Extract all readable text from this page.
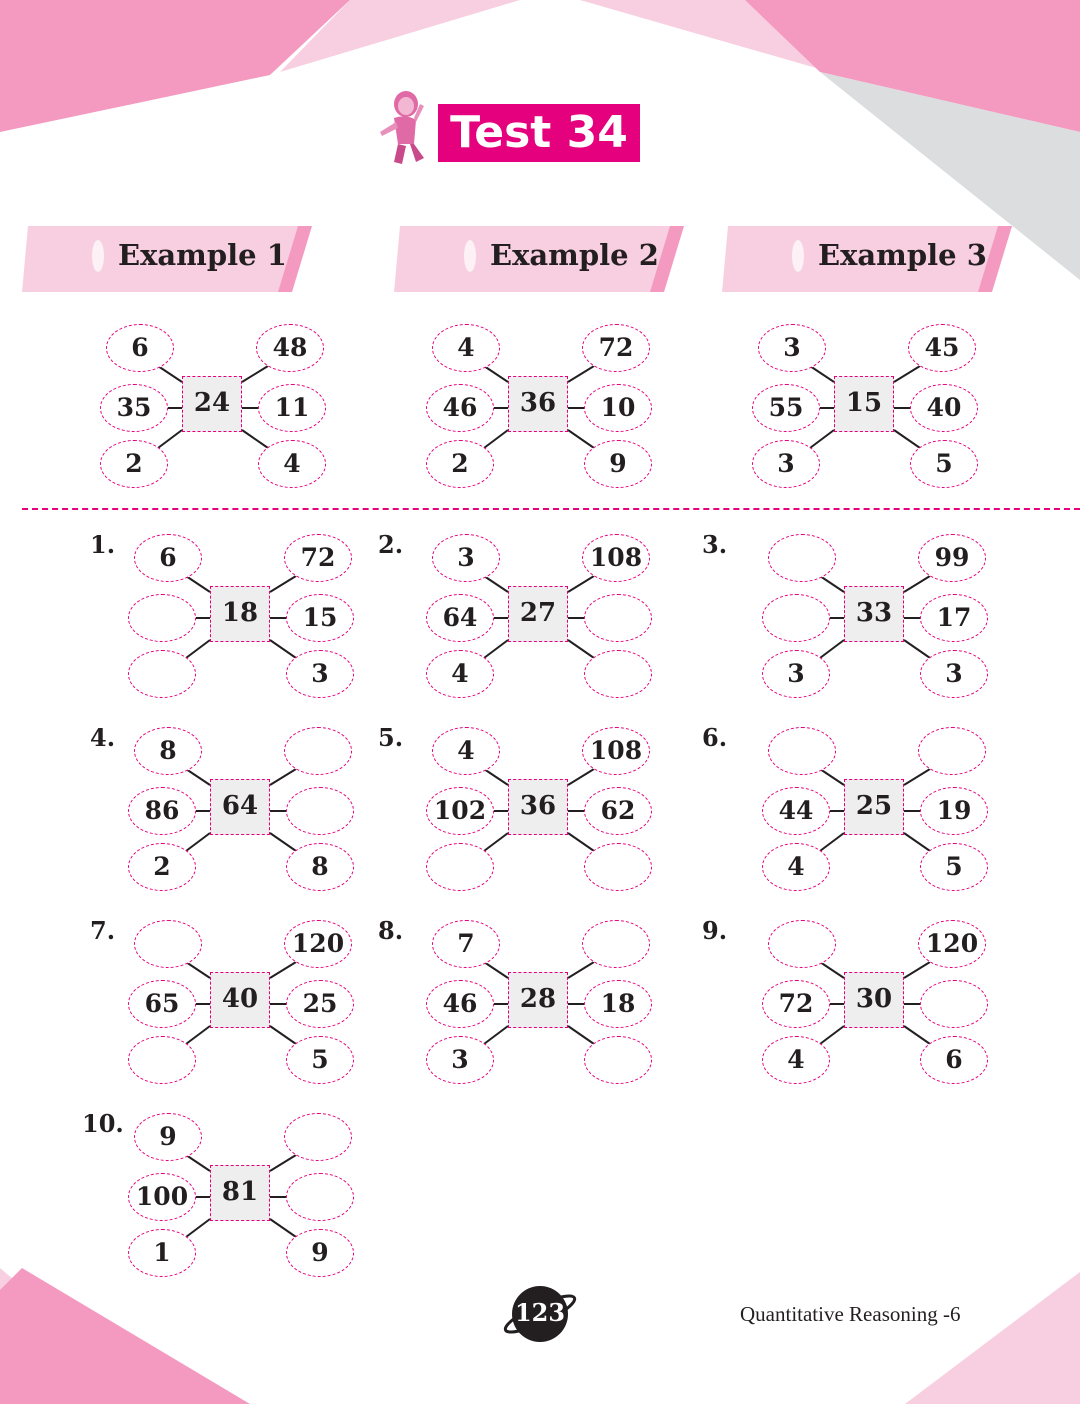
Test 34
Example 1	Example 2	Example 3
6	48
35	11
2	4
24
4	72
46	10
2	9
36
3	45
55	40
3	5
15
1.	6	72
15
3
18
2.	3	108
64
4
27
3.	99
17
3	3
33
4.	8
86
2	8
64
5.	4	108
102	62
36
6.
44	19
4	5
25
7.	120
65	25
5
40
8.	7
46	18
3
28
9.	120
72
4	6
30
10.	9
100
1	9
81
123	Quantitative Reasoning -6
